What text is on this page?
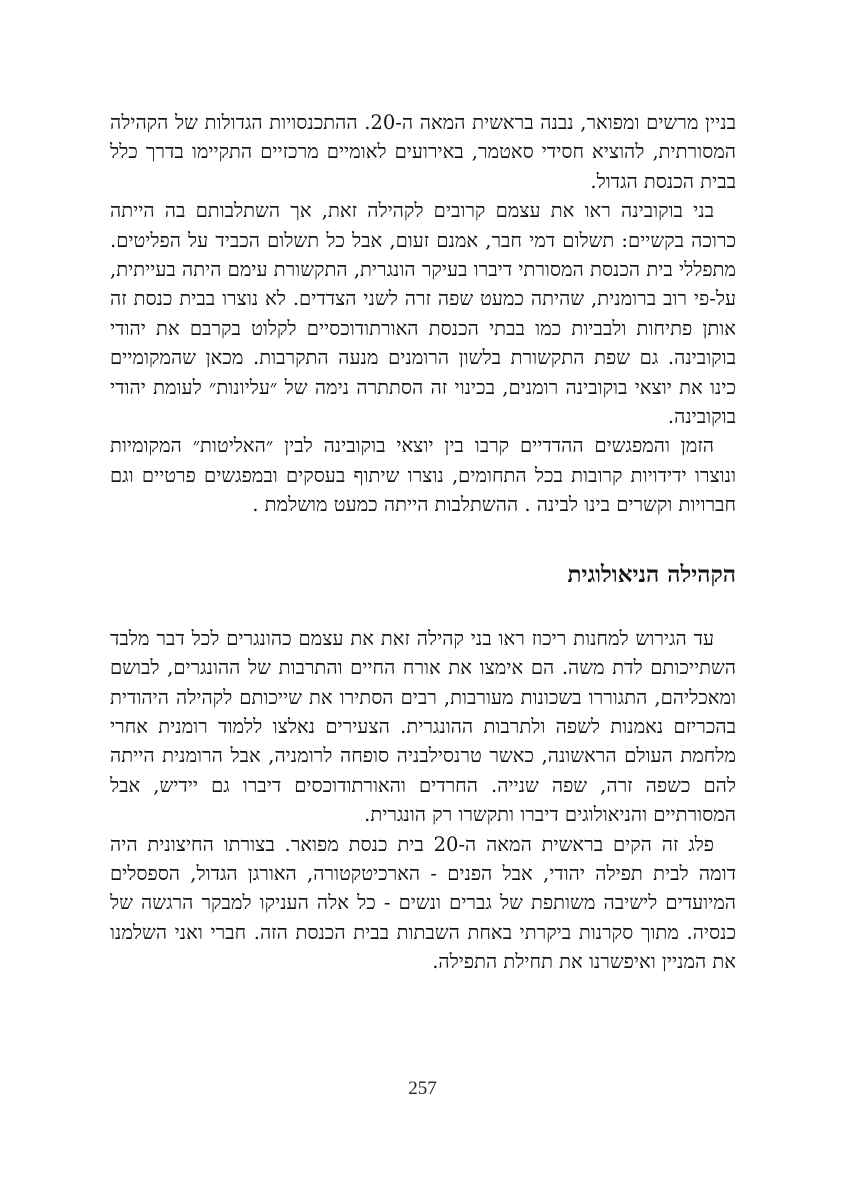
בניין מרשים ומפואר, נבנה בראשית המאה ה-20. ההתכנסויות הגדולות של הקהילה המסורתית, להוציא חסידי סאטמר, באירועים לאומיים מרכזיים התקיימו בדרך כלל בבית הכנסת הגדול.

בני בוקובינה ראו את עצמם קרובים לקהילה זאת, אך השתלבותם בה הייתה כרוכה בקשיים: תשלום דמי חבר, אמנם זעום, אבל כל תשלום הכביד על הפליטים. מתפללי בית הכנסת המסורתי דיברו בעיקר הונגרית, התקשורת עימם היתה בעייתית, על-פי רוב ברומנית, שהיתה כמעט שפה זרה לשני הצדדים. לא נוצרו בבית כנסת זה אותן פתיחות ולבביות כמו בבתי הכנסת האורתודוכסיים לקלוט בקרבם את יהודי בוקובינה. גם שפת התקשורת בלשון הרומנים מנעה התקרבות. מכאן שהמקומיים כינו את יוצאי בוקובינה רומנים, בכינוי זה הסתתרה נימה של ״עליונות״ לעומת יהודי בוקובינה.

הזמן והמפגשים ההדדיים קרבו בין יוצאי בוקובינה לבין ״האליטות״ המקומיות ונוצרו ידידויות קרובות בכל התחומים, נוצרו שיתוף בעסקים ובמפגשים פרטיים וגם חברויות וקשרים בינו לבינה . ההשתלבות הייתה כמעט מושלמת .

הקהילה הניאולוגית

עד הגירוש למחנות ריכוז ראו בני קהילה זאת את עצמם כהונגרים לכל דבר מלבד השתייכותם לדת משה. הם אימצו את אורח החיים והתרבות של ההונגרים, לבושם ומאכליהם, התגוררו בשכונות מעורבות, רבים הסתירו את שייכותם לקהילה היהודית בהכריזם נאמנות לשפה ולתרבות ההונגרית. הצעירים נאלצו ללמוד רומנית אחרי מלחמת העולם הראשונה, כאשר טרנסילבניה סופחה לרומניה, אבל הרומנית הייתה להם כשפה זרה, שפה שנייה. החרדים והאורתודוכסים דיברו גם יידיש, אבל המסורתיים והניאולוגים דיברו ותקשרו רק הונגרית.

פלג זה הקים בראשית המאה ה-20 בית כנסת מפואר. בצורתו החיצונית היה דומה לבית תפילה יהודי, אבל הפנים - הארכיטקטורה, האורגן הגדול, הספסלים המיועדים לישיבה משותפת של גברים ונשים - כל אלה העניקו למבקר הרגשה של כנסיה. מתוך סקרנות ביקרתי באחת השבתות בבית הכנסת הזה. חברי ואני השלמנו את המניין ואיפשרנו את תחילת התפילה.

257
